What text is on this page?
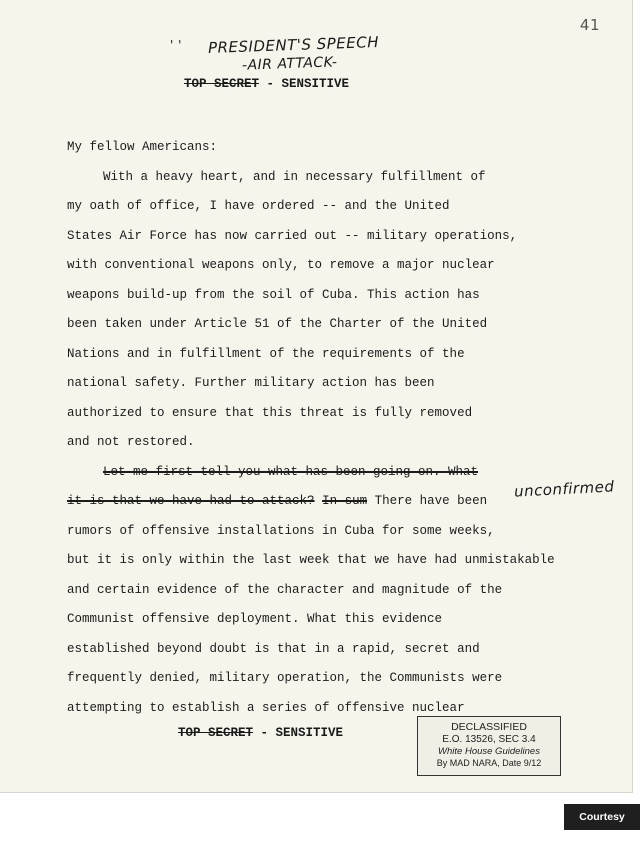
41
' ' PRESIDENT'S SPEECH
-AIR ATTACK-
TOP SECRET - SENSITIVE
My fellow Americans:
With a heavy heart, and in necessary fulfillment of
my oath of office, I have ordered -- and the United
States Air Force has now carried out -- military operations,
with conventional weapons only, to remove a major nuclear
weapons build-up from the soil of Cuba. This action has
been taken under Article 51 of the Charter of the United
Nations and in fulfillment of the requirements of the
national safety. Further military action has been
authorized to ensure that this threat is fully removed
and not restored.
Let me first tell you what has been going on. What
it is that we have had to attack? In sum There have been
rumors of offensive installations in Cuba for some weeks,
but it is only within the last week that we have had unmistakable
and certain evidence of the character and magnitude of the
Communist offensive deployment. What this evidence
established beyond doubt is that in a rapid, secret and
frequently denied, military operation, the Communists were
attempting to establish a series of offensive nuclear
unconfirmed
TOP SECRET - SENSITIVE	DECLASSIFIED
E.O. 13526, SEC 3.4
White House Guidelines
By MAD NARA, Date 9/12
Courtesy Photo
